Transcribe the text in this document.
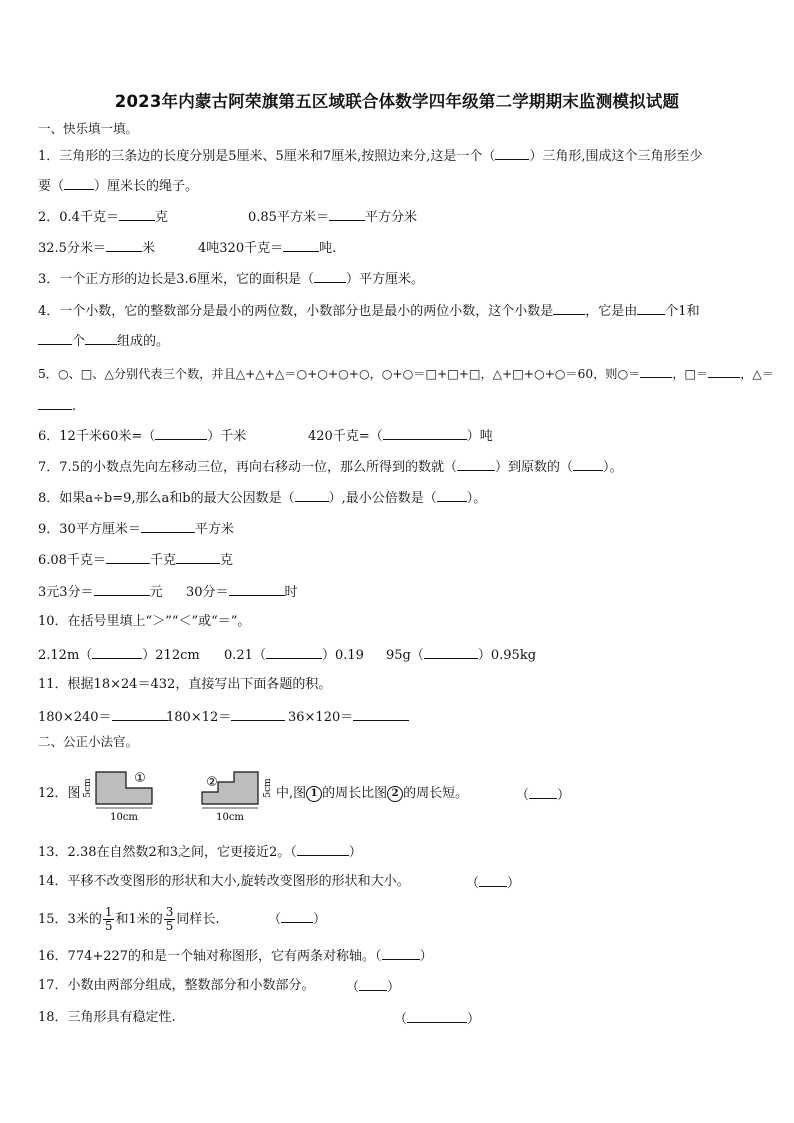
2023年内蒙古阿荣旗第五区域联合体数学四年级第二学期期末监测模拟试题
一、快乐填一填。
1．三角形的三条边的长度分别是5厘米、5厘米和7厘米,按照边来分,这是一个（	）三角形,围成这个三角形至少
要（ ）厘米长的绳子。
2．0.4千克＝	克	0.85平方米＝	平方分米
32.5分米＝	米	4吨320千克＝	吨.
3．一个正方形的边长是3.6厘米，它的面积是（ ）平方厘米。
4．一个小数，它的整数部分是最小的两位数，小数部分也是最小的两位小数，这个小数是 ，它是由 个1和
个 组成的。
5．○、□、△分别代表三个数，并且△+△+△＝○+○+○+○，○+○＝□+□+□，△+□+○+○＝60，则○＝	，□＝	，△＝
.
6．12千米60米=（	）千米	420千克=（	）吨
7．7.5的小数点先向左移动三位，再向右移动一位，那么所得到的数就（	）到原数的（ ）。
8．如果a÷b=9,那么a和b的最大公因数是（	）,最小公倍数是（ ）。
9．30平方厘米＝	平方米
6.08千克＝	千克	克
3元3分＝	元 30分＝	时
10．在括号里填上“＞”“＜”或“＝”。
2.12m（	）212cm 0.21（	）0.19 95g（	）0.95kg
11．根据18×24＝432，直接写出下面各题的积。
180×240＝	180×12＝	36×120＝
二、公正小法官。
12．图 5cm
10cm
①	5cm
10cm
②
中,图 1 的周长比图 2 的周长短。	（ ）
13．2.38在自然数2和3之间，它更接近2。（	）
14．平移不改变图形的形状和大小,旋转改变图形的形状和大小。	（ ）
15．3米的 $\frac{1}{5}$ 和1米的 $\frac{3}{5}$ 同样长.	（ ）
16．774+227的和是一个轴对称图形，它有两条对称轴。（	）
17．小数由两部分组成，整数部分和小数部分。 （ ）
18．三角形具有稳定性.	（	）
